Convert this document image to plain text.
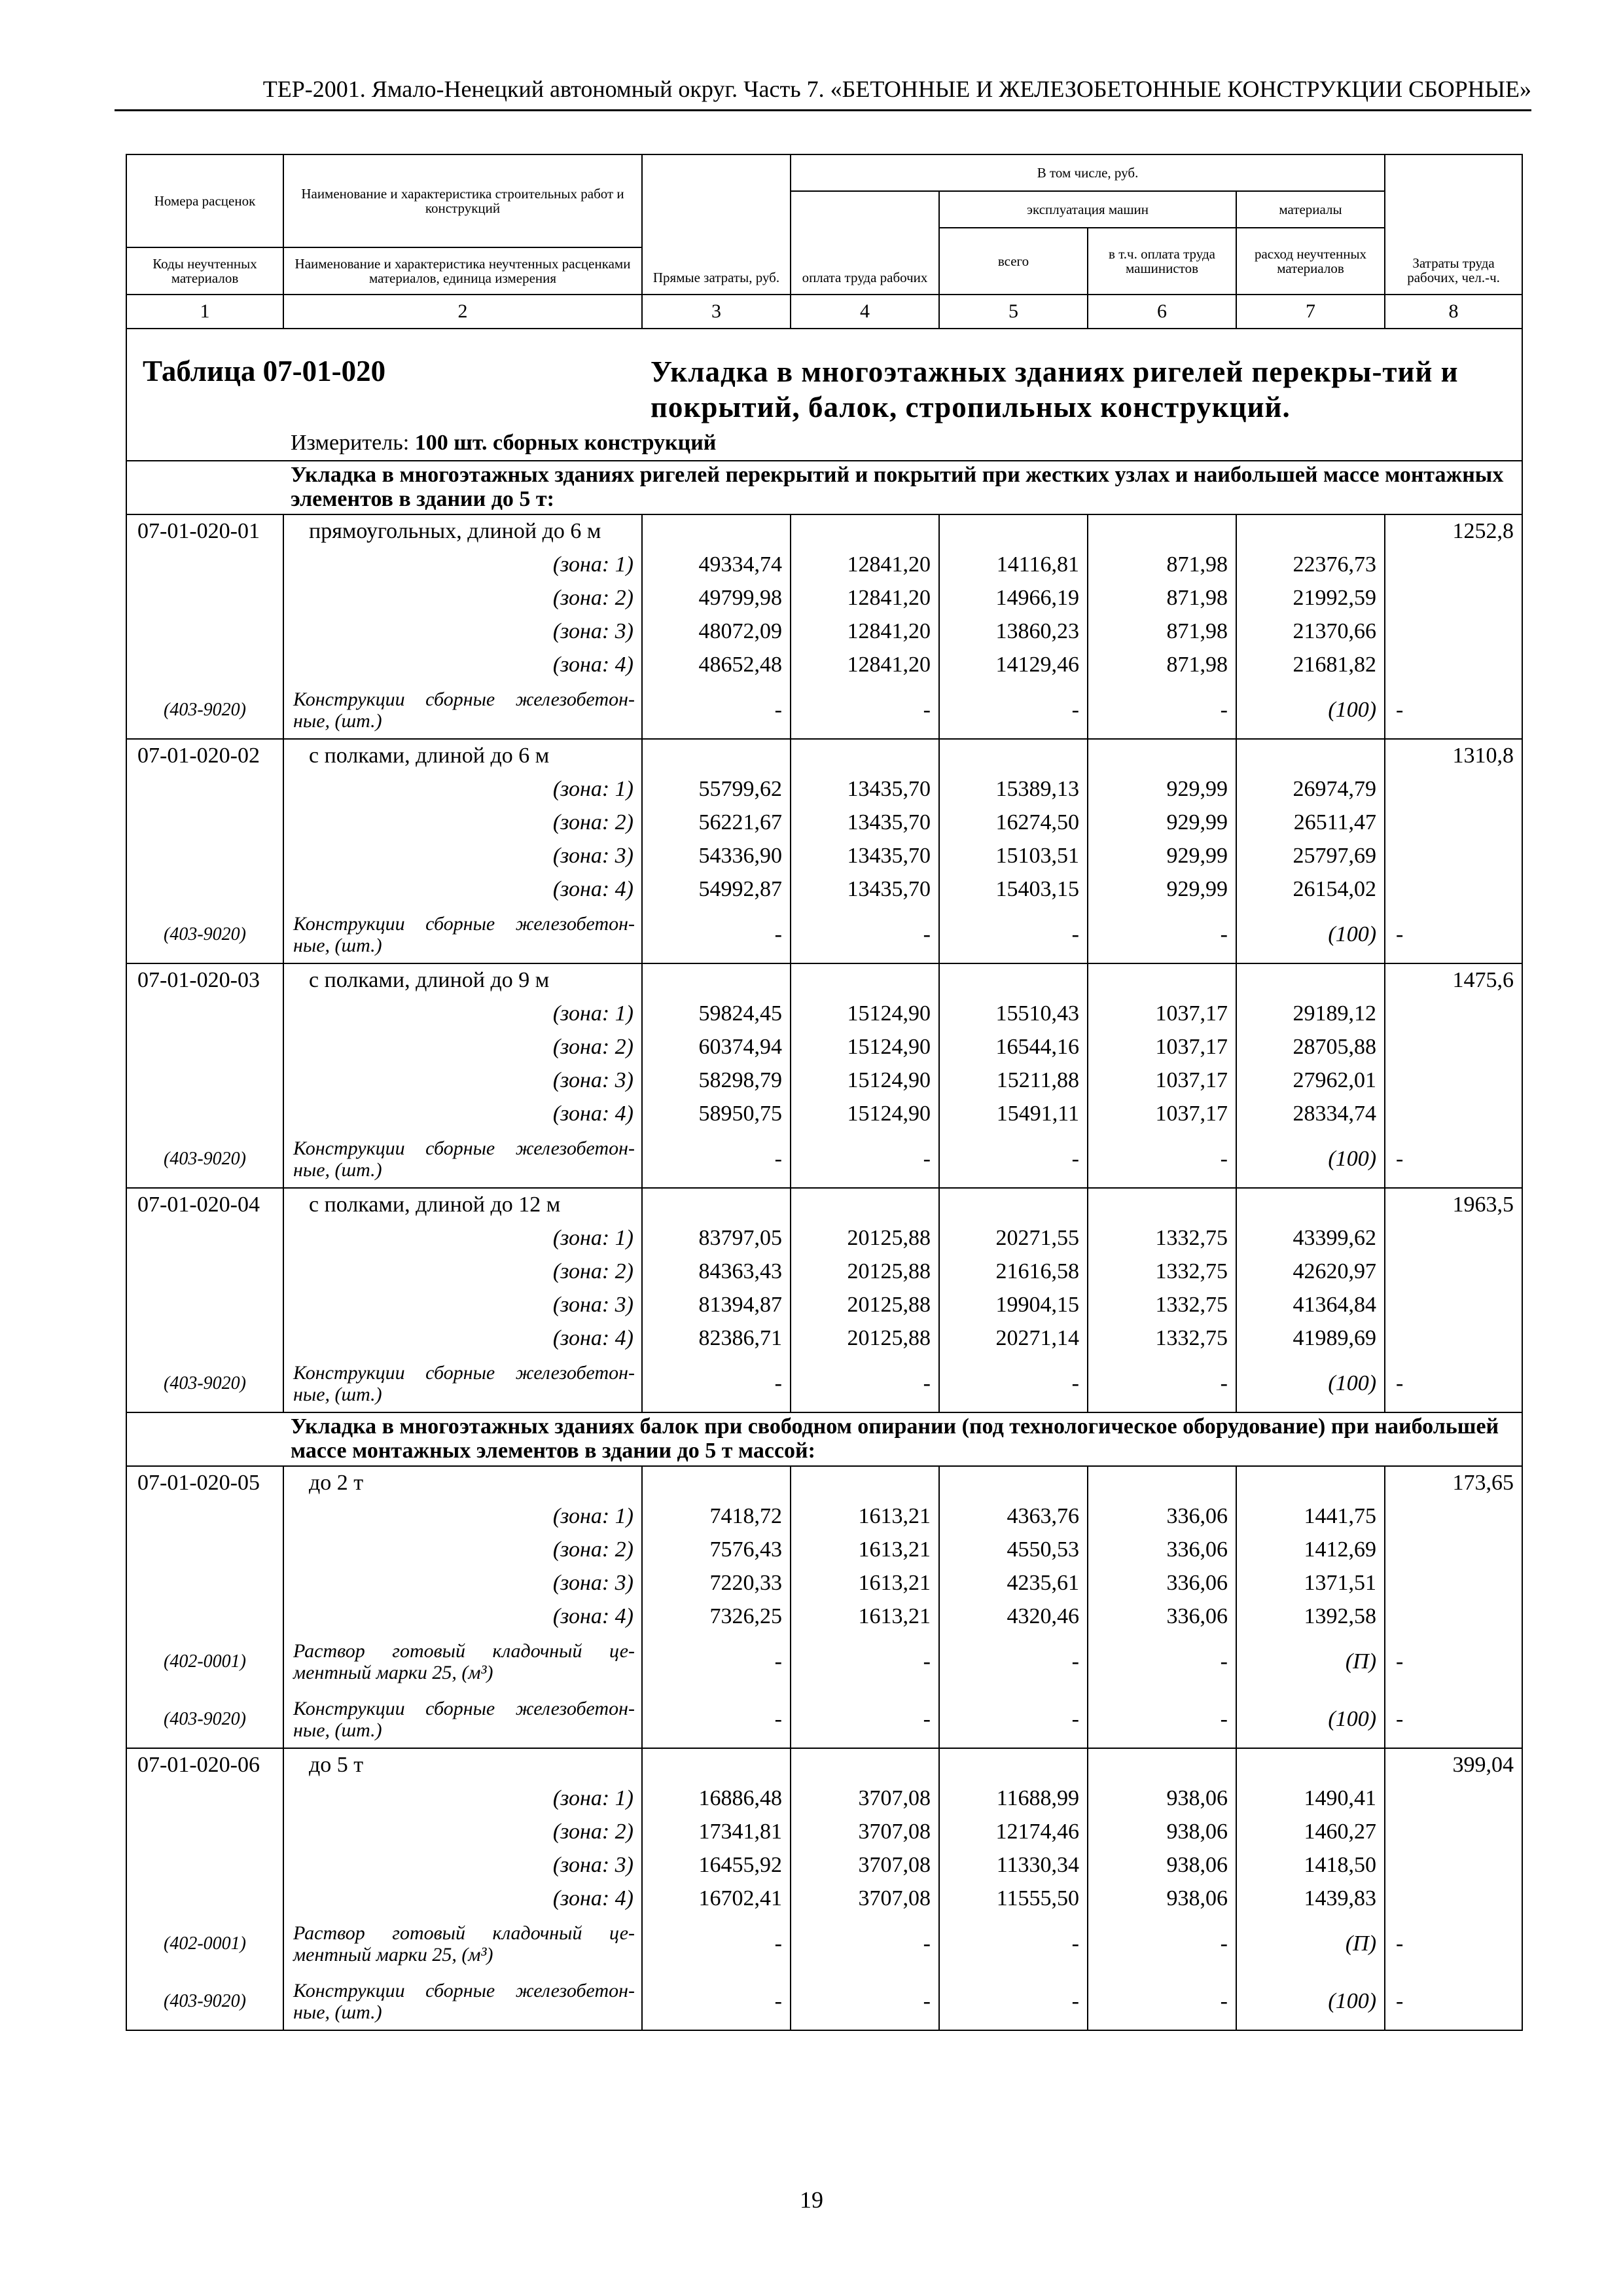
ТЕР-2001. Ямало-Ненецкий автономный округ. Часть 7. «БЕТОННЫЕ И ЖЕЛЕЗОБЕТОННЫЕ КОНСТРУКЦИИ СБОРНЫЕ»
Номера расценок	Наименование и характеристика строительных работ и конструкций	Прямые затраты, руб.	В том числе, руб.				Затраты труда рабочих, чел.-ч.
			оплата труда рабочих	эксплуатация машин		материалы	
				всего	в т.ч. оплата труда машинистов	расход неучтенных материалов	
Коды неучтенных материалов	Наименование и характеристика неучтенных расценками материалов, единица измерения						

1	2	3	4	5	6	7	8

Таблица 07-01-020 Укладка в многоэтажных зданиях ригелей перекры-тий и покрытий, балок, стропильных конструкций.
Измеритель: 100 шт. сборных конструкций							

Укладка в многоэтажных зданиях ригелей перекрытий и покрытий при жестких узлах и наибольшей массе монтажных элементов в здании до 5 т:							
07-01-020-01	прямоугольных, длиной до 6 м						1252,8
	(зона: 1)	49334,74	12841,20	14116,81	871,98	22376,73	
	(зона: 2)	49799,98	12841,20	14966,19	871,98	21992,59	
	(зона: 3)	48072,09	12841,20	13860,23	871,98	21370,66	
	(зона: 4)	48652,48	12841,20	14129,46	871,98	21681,82	
(403-9020)	Конструкции сборные железобетон-ные, (шт.)	-	-	-	-	(100)	-
07-01-020-02	с полками, длиной до 6 м						1310,8
	(зона: 1)	55799,62	13435,70	15389,13	929,99	26974,79	
	(зона: 2)	56221,67	13435,70	16274,50	929,99	26511,47	
	(зона: 3)	54336,90	13435,70	15103,51	929,99	25797,69	
	(зона: 4)	54992,87	13435,70	15403,15	929,99	26154,02	
(403-9020)	Конструкции сборные железобетон-ные, (шт.)	-	-	-	-	(100)	-
07-01-020-03	с полками, длиной до 9 м						1475,6
	(зона: 1)	59824,45	15124,90	15510,43	1037,17	29189,12	
	(зона: 2)	60374,94	15124,90	16544,16	1037,17	28705,88	
	(зона: 3)	58298,79	15124,90	15211,88	1037,17	27962,01	
	(зона: 4)	58950,75	15124,90	15491,11	1037,17	28334,74	
(403-9020)	Конструкции сборные железобетон-ные, (шт.)	-	-	-	-	(100)	-
07-01-020-04	с полками, длиной до 12 м						1963,5
	(зона: 1)	83797,05	20125,88	20271,55	1332,75	43399,62	
	(зона: 2)	84363,43	20125,88	21616,58	1332,75	42620,97	
	(зона: 3)	81394,87	20125,88	19904,15	1332,75	41364,84	
	(зона: 4)	82386,71	20125,88	20271,14	1332,75	41989,69	
(403-9020)	Конструкции сборные железобетон-ные, (шт.)	-	-	-	-	(100)	-
Укладка в многоэтажных зданиях балок при свободном опирании (под технологическое оборудование) при наибольшей массе монтажных элементов в здании до 5 т массой:							
07-01-020-05	до 2 т						173,65
	(зона: 1)	7418,72	1613,21	4363,76	336,06	1441,75	
	(зона: 2)	7576,43	1613,21	4550,53	336,06	1412,69	
	(зона: 3)	7220,33	1613,21	4235,61	336,06	1371,51	
	(зона: 4)	7326,25	1613,21	4320,46	336,06	1392,58	
(402-0001)	Раствор готовый кладочный це-ментный марки 25, (м³)	-	-	-	-	(П)	-
(403-9020)	Конструкции сборные железобетон-ные, (шт.)	-	-	-	-	(100)	-
07-01-020-06	до 5 т						399,04
	(зона: 1)	16886,48	3707,08	11688,99	938,06	1490,41	
	(зона: 2)	17341,81	3707,08	12174,46	938,06	1460,27	
	(зона: 3)	16455,92	3707,08	11330,34	938,06	1418,50	
	(зона: 4)	16702,41	3707,08	11555,50	938,06	1439,83	
(402-0001)	Раствор готовый кладочный це-ментный марки 25, (м³)	-	-	-	-	(П)	-
(403-9020)	Конструкции сборные железобетон-ные, (шт.)	-	-	-	-	(100)	-
19
